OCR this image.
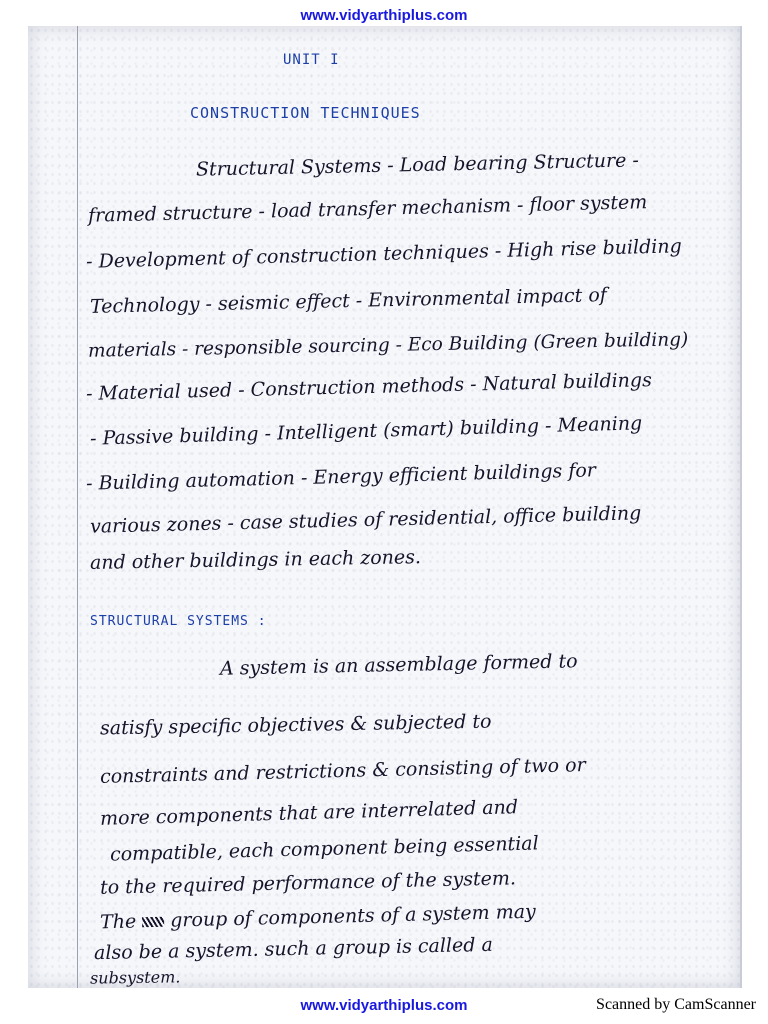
www.vidyarthiplus.com
UNIT I
CONSTRUCTION TECHNIQUES
Structural Systems - Load bearing Structure -
framed structure - load transfer mechanism - floor system
- Development of construction techniques - High rise building
Technology - seismic effect - Environmental impact of
materials - responsible sourcing - Eco Building (Green building)
- Material used - Construction methods - Natural buildings
- Passive building - Intelligent (smart) building - Meaning
- Building automation - Energy efficient buildings for
various zones - case studies of residential, office building
and other buildings in each zones.
STRUCTURAL SYSTEMS :
A system is an assemblage formed to
satisfy specific objectives & subjected to
constraints and restrictions & consisting of two or
more components that are interrelated and
compatible, each component being essential
to the required performance of the system.
The group of components of a system may
also be a system. such a group is called a
subsystem.
www.vidyarthiplus.com	Scanned by CamScanner
